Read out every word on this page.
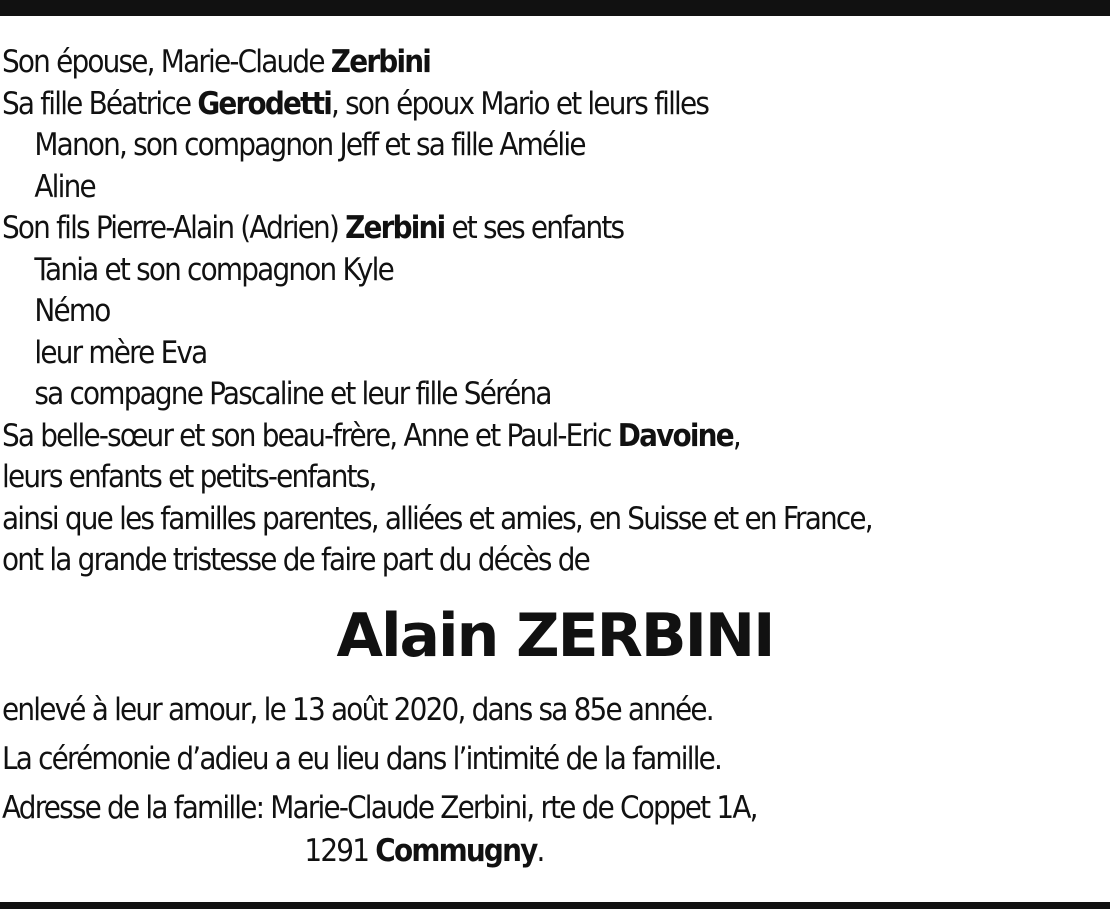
Son épouse, Marie-Claude Zerbini
Sa fille Béatrice Gerodetti, son époux Mario et leurs filles
Manon, son compagnon Jeff et sa fille Amélie
Aline
Son fils Pierre-Alain (Adrien) Zerbini et ses enfants
Tania et son compagnon Kyle
Némo
leur mère Eva
sa compagne Pascaline et leur fille Séréna
Sa belle-sœur et son beau-frère, Anne et Paul-Eric Davoine,
leurs enfants et petits-enfants,
ainsi que les familles parentes, alliées et amies, en Suisse et en France,
ont la grande tristesse de faire part du décès de
Alain ZERBINI
enlevé à leur amour, le 13 août 2020, dans sa 85e année.
La cérémonie d’adieu a eu lieu dans l’intimité de la famille.
Adresse de la famille: Marie-Claude Zerbini, rte de Coppet 1A,
1291 Commugny.
